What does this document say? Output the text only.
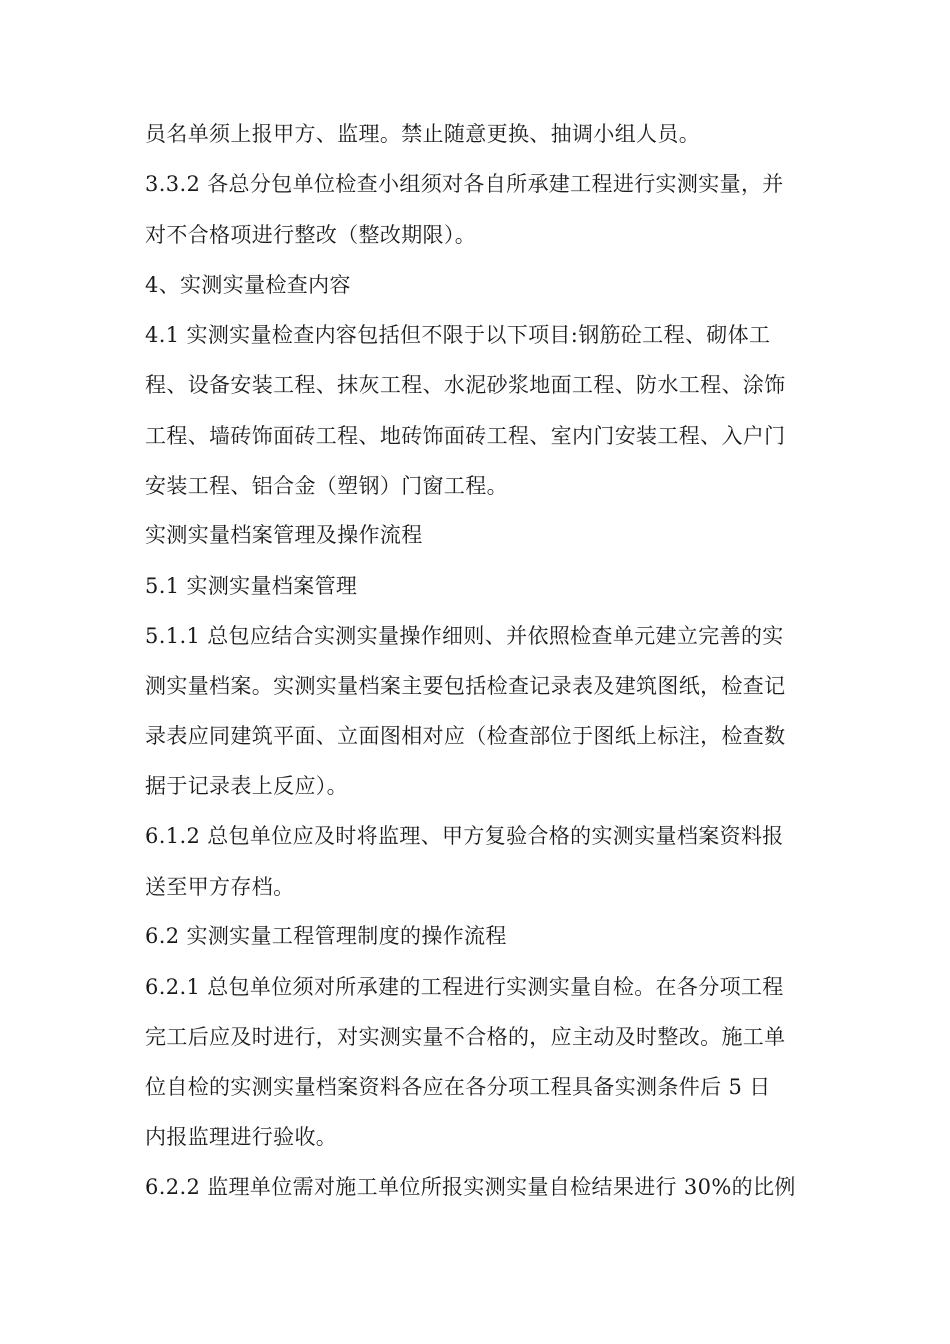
员名单须上报甲方、监理。禁止随意更换、抽调小组人员。
3.3.2 各总分包单位检查小组须对各自所承建工程进行实测实量，并
对不合格项进行整改（整改期限）。
4、实测实量检查内容
4.1 实测实量检查内容包括但不限于以下项目:钢筋砼工程、砌体工
程、设备安装工程、抹灰工程、水泥砂浆地面工程、防水工程、涂饰
工程、墙砖饰面砖工程、地砖饰面砖工程、室内门安装工程、入户门
安装工程、铝合金（塑钢）门窗工程。
实测实量档案管理及操作流程
5.1 实测实量档案管理
5.1.1 总包应结合实测实量操作细则、并依照检查单元建立完善的实
测实量档案。实测实量档案主要包括检查记录表及建筑图纸，检查记
录表应同建筑平面、立面图相对应（检查部位于图纸上标注，检查数
据于记录表上反应）。
6.1.2 总包单位应及时将监理、甲方复验合格的实测实量档案资料报
送至甲方存档。
6.2 实测实量工程管理制度的操作流程
6.2.1 总包单位须对所承建的工程进行实测实量自检。在各分项工程
完工后应及时进行，对实测实量不合格的，应主动及时整改。施工单
位自检的实测实量档案资料各应在各分项工程具备实测条件后 5 日
内报监理进行验收。
6.2.2 监理单位需对施工单位所报实测实量自检结果进行 30%的比例
